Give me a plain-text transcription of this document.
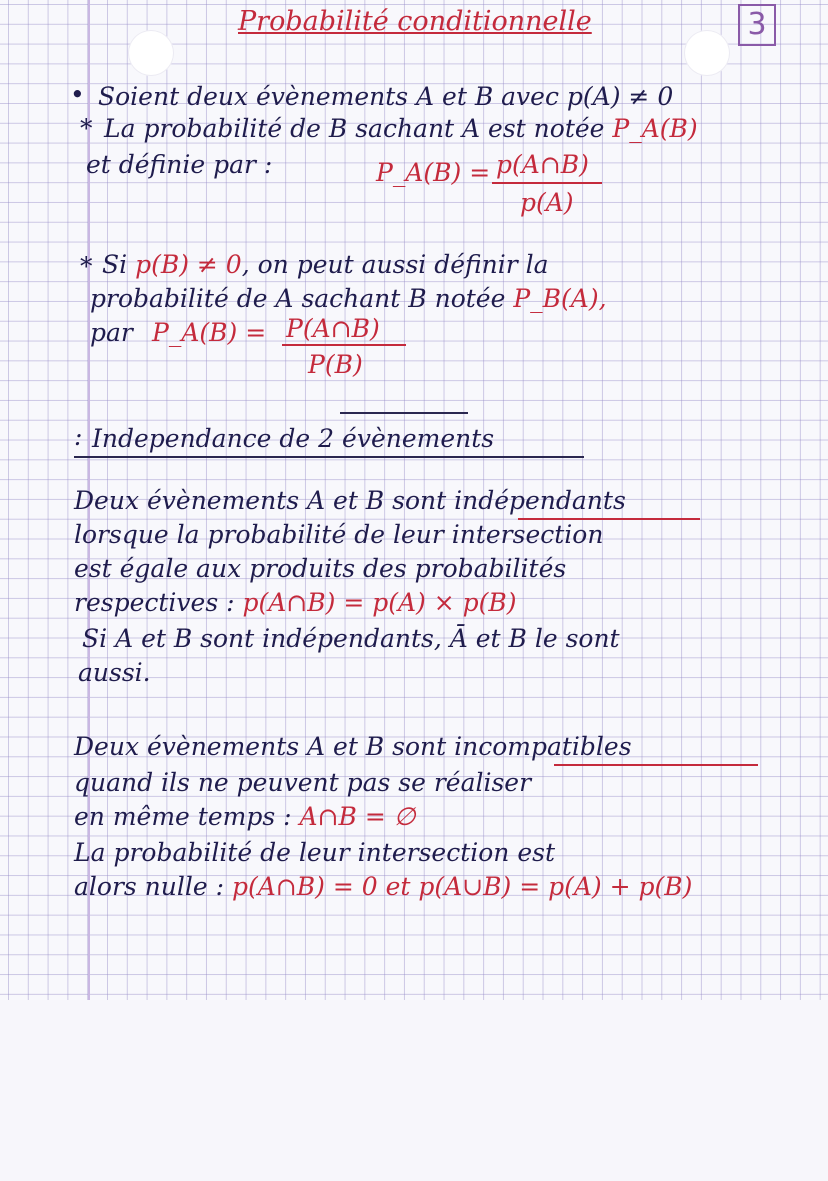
Probabilité conditionnelle	3
• Soient deux évènements A et B avec p(A) ≠ 0
* La probabilité de B sachant A est notée P_A(B)
et définie par :	P_A(B) = p(A∩B)
p(A)
* Si p(B) ≠ 0, on peut aussi définir la
probabilité de A sachant B notée P_B(A),
par P_A(B) = P(A∩B)
P(B)
: Independance de 2 évènements
Deux évènements A et B sont indépendants
lorsque la probabilité de leur intersection
est égale aux produits des probabilités
respectives : p(A∩B) = p(A) × p(B)
Si A et B sont indépendants, Ā et B le sont
aussi.
Deux évènements A et B sont incompatibles
quand ils ne peuvent pas se réaliser
en même temps : A∩B = ∅
La probabilité de leur intersection est
alors nulle : p(A∩B) = 0 et p(A∪B) = p(A) + p(B)
